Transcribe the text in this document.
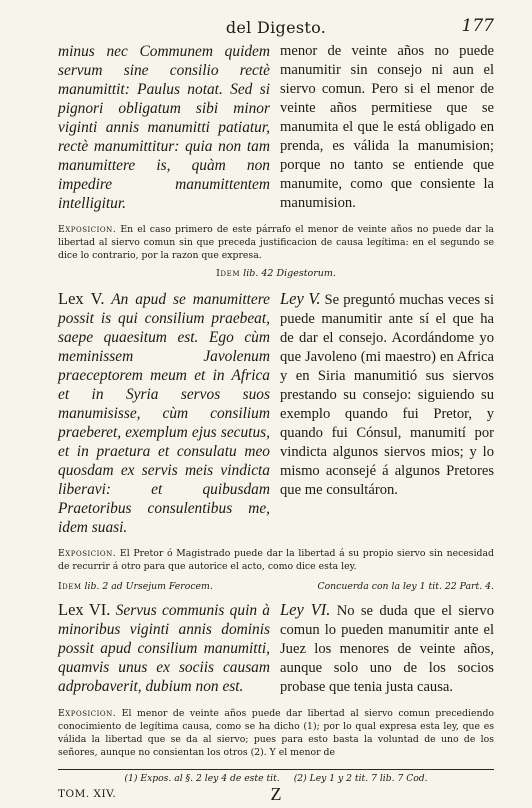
del Digesto.	177

minus nec Communem quidem servum sine consilio rectè manumittit: Paulus notat. Sed si pignori obligatum sibi minor viginti annis manumitti patiatur, rectè manumittitur: quia non tam manumittere is, quàm non impedire manumittentem intelligitur.

menor de veinte años no puede manumitir sin consejo ni aun el siervo comun. Pero si el menor de veinte años permitiese que se manumita el que le está obligado en prenda, es válida la manumision; porque no tanto se entiende que manumite, como que consiente la manumision.

Exposicion. En el caso primero de este párrafo el menor de veinte años no puede dar la libertad al siervo comun sin que preceda justificacion de causa legítima: en el segundo se dice lo contrario, por la razon que expresa.

Idem lib. 42 Digestorum.

Lex V. An apud se manumittere possit is qui consilium praebeat, saepe quaesitum est. Ego cùm meminissem Javolenum praeceptorem meum et in Africa et in Syria servos suos manumisisse, cùm consilium praeberet, exemplum ejus secutus, et in praetura et consulatu meo quosdam ex servis meis vindicta liberavi: et quibusdam Praetoribus consulentibus me, idem suasi.

Ley V. Se preguntó muchas veces si puede manumitir ante sí el que ha de dar el consejo. Acordándome yo que Javoleno (mi maestro) en Africa y en Siria manumitió sus siervos prestando su consejo: siguiendo su exemplo quando fui Pretor, y quando fui Cónsul, manumití por vindicta algunos siervos mios; y lo mismo aconsejé á algunos Pretores que me consultáron.

Exposicion. El Pretor ó Magistrado puede dar la libertad á su propio siervo sin necesidad de recurrir á otro para que autorice el acto, como dice esta ley.

Idem lib. 2 ad Ursejum Ferocem.	Concuerda con la ley 1 tit. 22 Part. 4.

Lex VI. Servus communis quin à minoribus viginti annis dominis possit apud consilium manumitti, quamvis unus ex sociis causam adprobaverit, dubium non est.

Ley VI. No se duda que el siervo comun lo pueden manumitir ante el Juez los menores de veinte años, aunque solo uno de los socios probase que tenia justa causa.

Exposicion. El menor de veinte años puede dar libertad al siervo comun precediendo conocimiento de legítima causa, como se ha dicho (1); por lo qual expresa esta ley, que es válida la libertad que se da al siervo; pues para esto basta la voluntad de uno de los señores, aunque no consientan los otros (2). Y el menor de

(1) Expos. al §. 2 ley 4 de este tit. (2) Ley 1 y 2 tit. 7 lib. 7 Cod.
TOM. XIV.	Z
